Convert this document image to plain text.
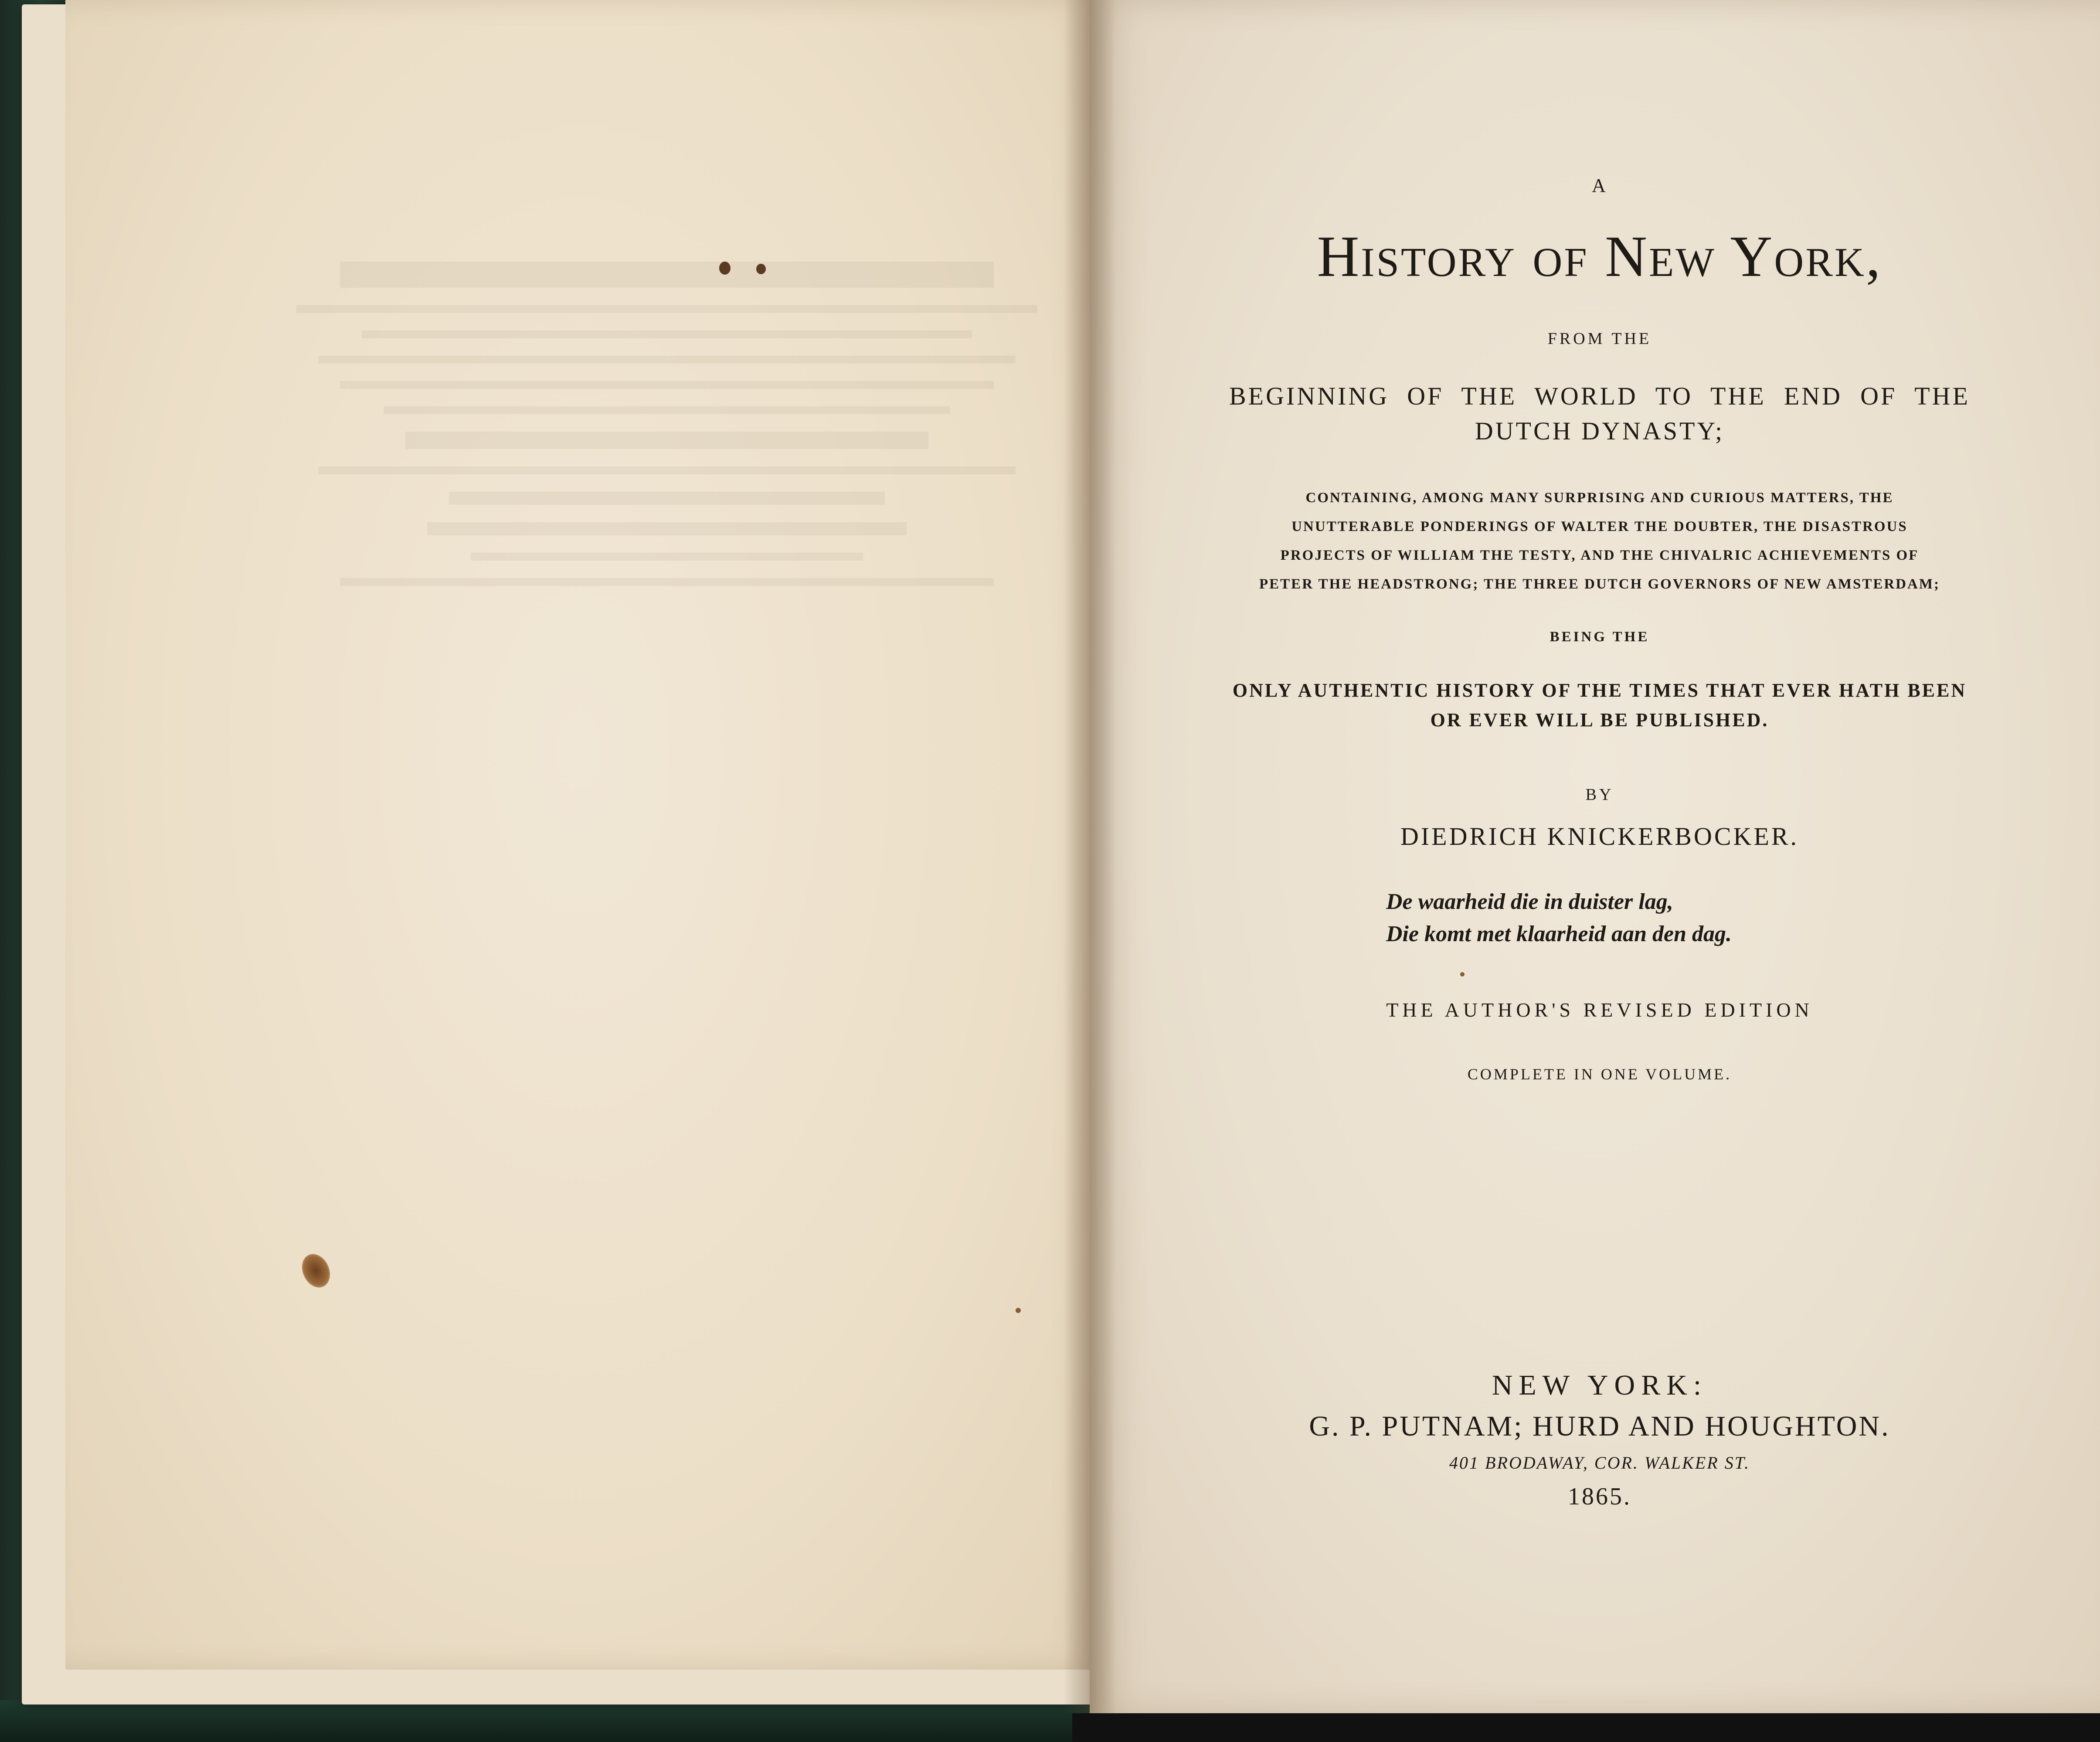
A
History of New York,
FROM THE
BEGINNING OF THE WORLD TO THE END OF THE DUTCH DYNASTY;
CONTAINING, AMONG MANY SURPRISING AND CURIOUS MATTERS, THE UNUTTERABLE PONDERINGS OF WALTER THE DOUBTER, THE DISASTROUS PROJECTS OF WILLIAM THE TESTY, AND THE CHIVALRIC ACHIEVEMENTS OF PETER THE HEADSTRONG; THE THREE DUTCH GOVERNORS OF NEW AMSTERDAM;
BEING THE
ONLY AUTHENTIC HISTORY OF THE TIMES THAT EVER HATH BEEN OR EVER WILL BE PUBLISHED.
BY
DIEDRICH KNICKERBOCKER.
De waarheid die in duister lag,
Die komt met klaarheid aan den dag.
THE AUTHOR'S REVISED EDITION
COMPLETE IN ONE VOLUME.
NEW YORK:
G. P. PUTNAM; HURD AND HOUGHTON.
401 BRODAWAY, COR. WALKER ST.
1865.
